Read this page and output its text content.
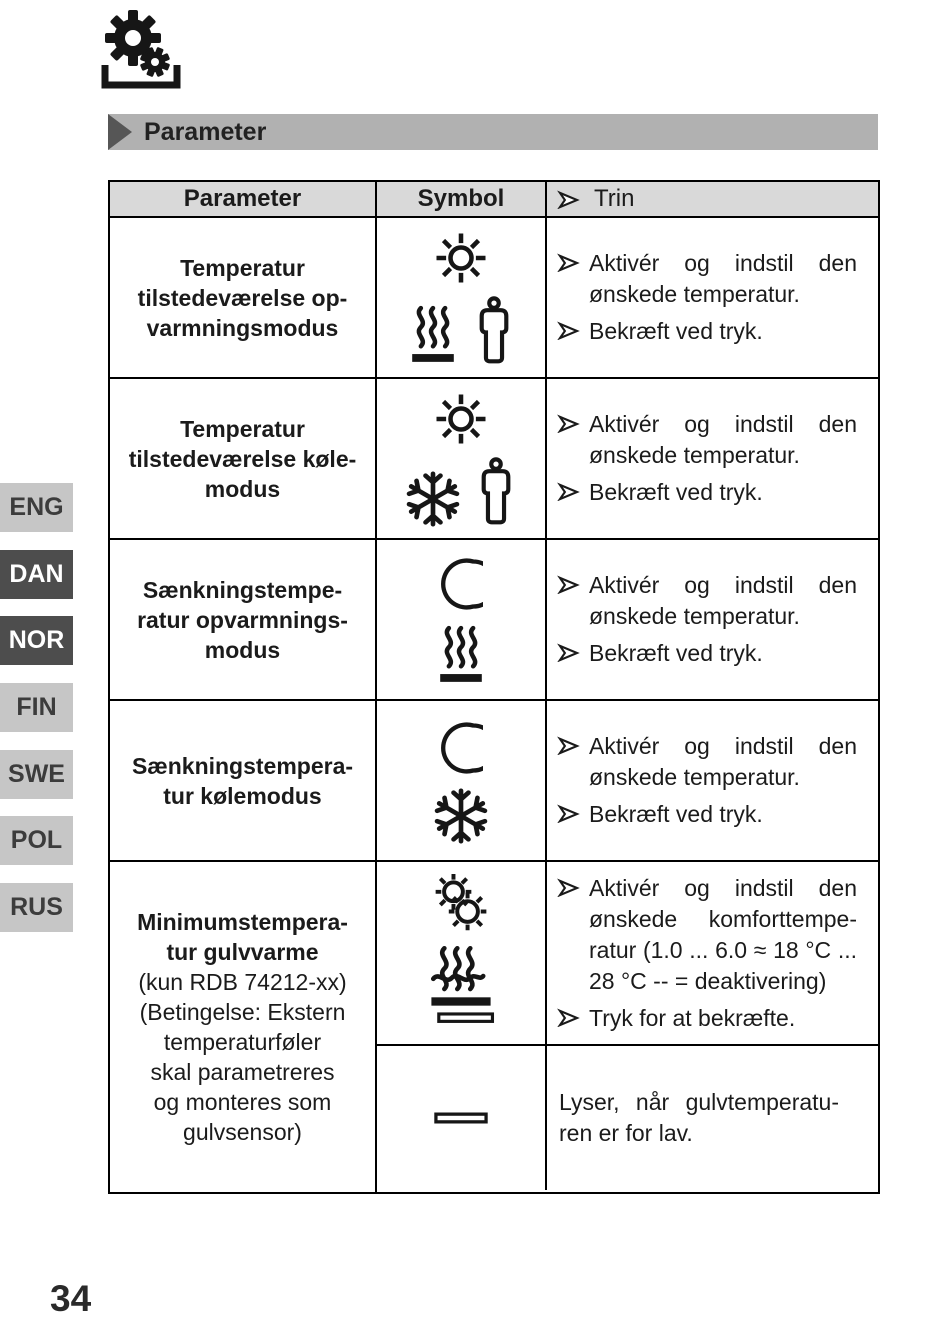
Parameter
Parameter	Symbol	Trin
Temperatur
tilstedeværelse op-
varmningsmodus
Aktivér og indstil den ønskede temperatur.
Bekræft ved tryk.
Temperatur
tilstedeværelse køle-
modus
Aktivér og indstil den ønskede temperatur.
Bekræft ved tryk.
Sænkningstempe-
ratur opvarmnings-
modus
Aktivér og indstil den ønskede temperatur.
Bekræft ved tryk.
Sænkningstempera-
tur kølemodus
Aktivér og indstil den ønskede temperatur.
Bekræft ved tryk.
Minimumstempera-
tur gulvvarme
(kun RDB 74212-xx)
(Betingelse: Ekstern
temperaturføler
skal parametreres
og monteres som
gulvsensor)
Aktivér og indstil den ønskede komforttemperatur (1.0 ... 6.0 ≈ 18 °C ... 28 °C -- = deaktivering)
Tryk for at bekræfte.
Lyser, når gulvtemperaturen er for lav.
ENG
DAN
NOR
FIN
SWE
POL
RUS
34
